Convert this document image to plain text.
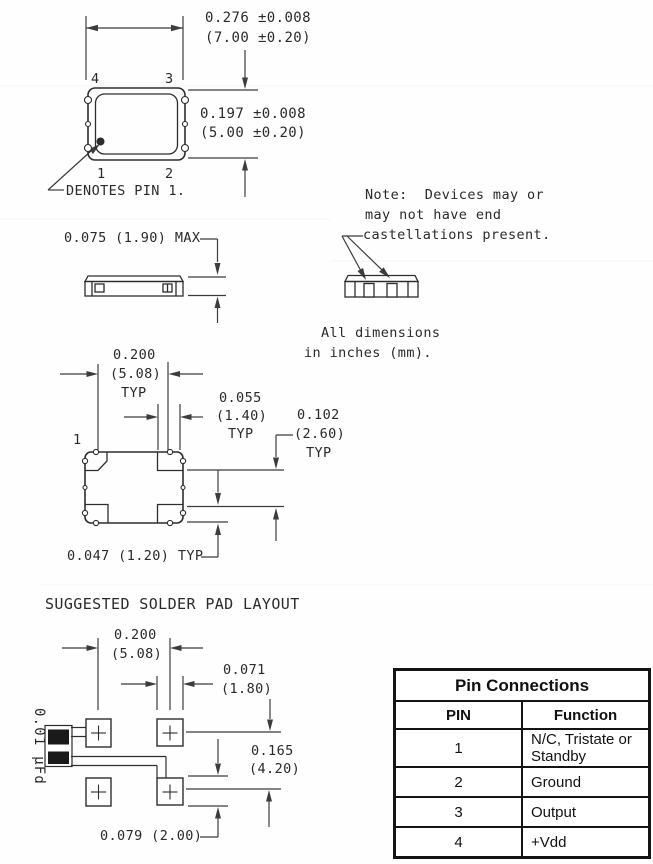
0.276 ±0.008
(7.00 ±0.20)
0.197 ±0.008
(5.00 ±0.20)
4	3
1	2
DENOTES PIN 1.
0.075 (1.90) MAX
Note:  Devices may or
may not have end
castellations present.
All dimensions
in inches (mm).
0.200
(5.08)
TYP	0.055
(1.40)
TYP
0.102
(2.60)
TYP
1
0.047 (1.20) TYP
SUGGESTED SOLDER PAD LAYOUT
0.200
(5.08)
0.071
(1.80)
0.165
(4.20)
0.079 (2.00)
0.01 µFd
Pin Connections	
PIN	Function
1	N/C, Tristate or Standby
2	Ground
3	Output
4	+Vdd
